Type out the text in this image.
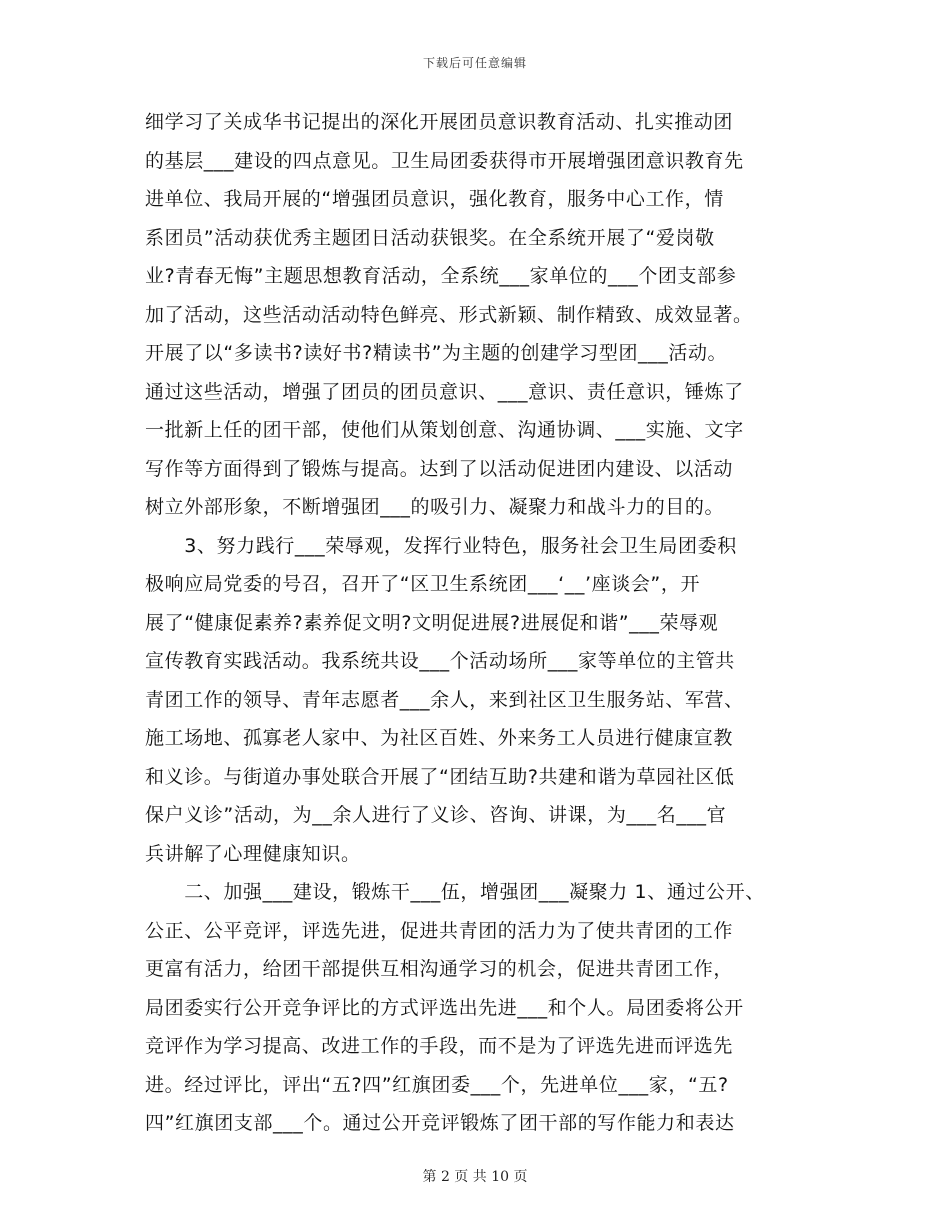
下载后可任意编辑
细学习了关成华书记提出的深化开展团员意识教育活动、扎实推动团
的基层___建设的四点意见。卫生局团委获得市开展增强团意识教育先
进单位、我局开展的“增强团员意识，强化教育，服务中心工作，情
系团员”活动获优秀主题团日活动获银奖。在全系统开展了“爱岗敬
业?青春无悔”主题思想教育活动，全系统___家单位的___个团支部参
加了活动，这些活动活动特色鲜亮、形式新颖、制作精致、成效显著。
开展了以“多读书?读好书?精读书”为主题的创建学习型团___活动。
通过这些活动，增强了团员的团员意识、___意识、责任意识，锤炼了
一批新上任的团干部，使他们从策划创意、沟通协调、___实施、文字
写作等方面得到了锻炼与提高。达到了以活动促进团内建设、以活动
树立外部形象，不断增强团___的吸引力、凝聚力和战斗力的目的。
　　3、努力践行___荣辱观，发挥行业特色，服务社会卫生局团委积
极响应局党委的号召，召开了“区卫生系统团___‘__’座谈会”，开
展了“健康促素养?素养促文明?文明促进展?进展促和谐”___荣辱观
宣传教育实践活动。我系统共设___个活动场所___家等单位的主管共
青团工作的领导、青年志愿者___余人，来到社区卫生服务站、军营、
施工场地、孤寡老人家中、为社区百姓、外来务工人员进行健康宣教
和义诊。与街道办事处联合开展了“团结互助?共建和谐为草园社区低
保户义诊”活动，为__余人进行了义诊、咨询、讲课，为___名___官
兵讲解了心理健康知识。
　　二、加强___建设，锻炼干___伍，增强团___凝聚力 1、通过公开、
公正、公平竞评，评选先进，促进共青团的活力为了使共青团的工作
更富有活力，给团干部提供互相沟通学习的机会，促进共青团工作，
局团委实行公开竞争评比的方式评选出先进___和个人。局团委将公开
竞评作为学习提高、改进工作的手段，而不是为了评选先进而评选先
进。经过评比，评出“五?四”红旗团委___个，先进单位___家，“五?
四”红旗团支部___个。通过公开竞评锻炼了团干部的写作能力和表达
第 2 页 共 10 页
